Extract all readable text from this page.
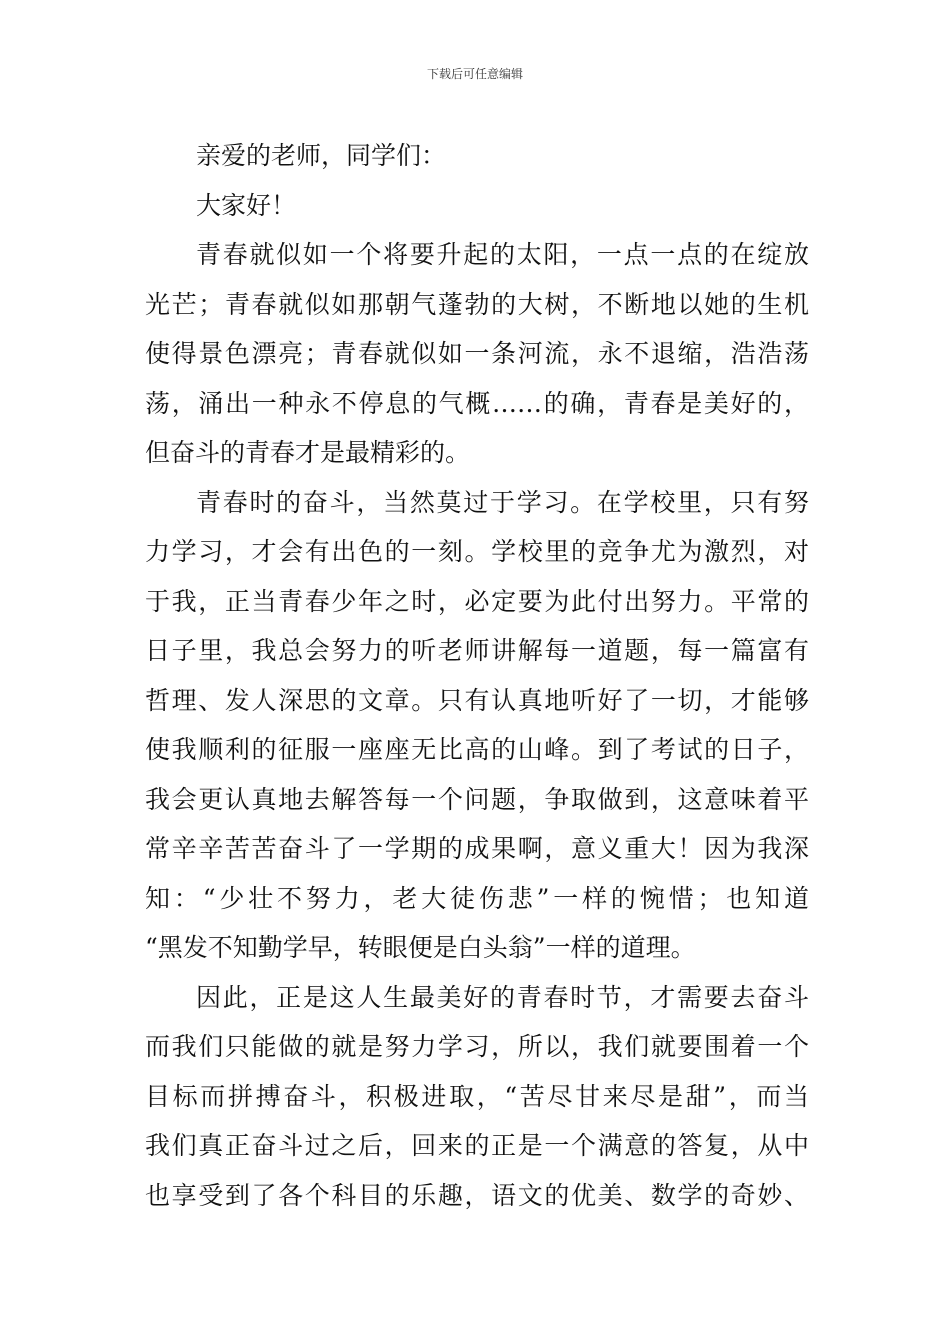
下载后可任意编辑
亲爱的老师，同学们：
大家好！
青春就似如一个将要升起的太阳，一点一点的在绽放
光芒；青春就似如那朝气蓬勃的大树，不断地以她的生机
使得景色漂亮；青春就似如一条河流，永不退缩，浩浩荡
荡，涌出一种永不停息的气概……的确，青春是美好的，
但奋斗的青春才是最精彩的。
青春时的奋斗，当然莫过于学习。在学校里，只有努
力学习，才会有出色的一刻。学校里的竞争尤为激烈，对
于我，正当青春少年之时，必定要为此付出努力。平常的
日子里，我总会努力的听老师讲解每一道题，每一篇富有
哲理、发人深思的文章。只有认真地听好了一切，才能够
使我顺利的征服一座座无比高的山峰。到了考试的日子，
我会更认真地去解答每一个问题，争取做到，这意味着平
常辛辛苦苦奋斗了一学期的成果啊，意义重大！因为我深
知：“少壮不努力，老大徒伤悲”一样的惋惜；也知道
“黑发不知勤学早，转眼便是白头翁”一样的道理。
因此，正是这人生最美好的青春时节，才需要去奋斗
而我们只能做的就是努力学习，所以，我们就要围着一个
目标而拼搏奋斗，积极进取，“苦尽甘来尽是甜”，而当
我们真正奋斗过之后，回来的正是一个满意的答复，从中
也享受到了各个科目的乐趣，语文的优美、数学的奇妙、
